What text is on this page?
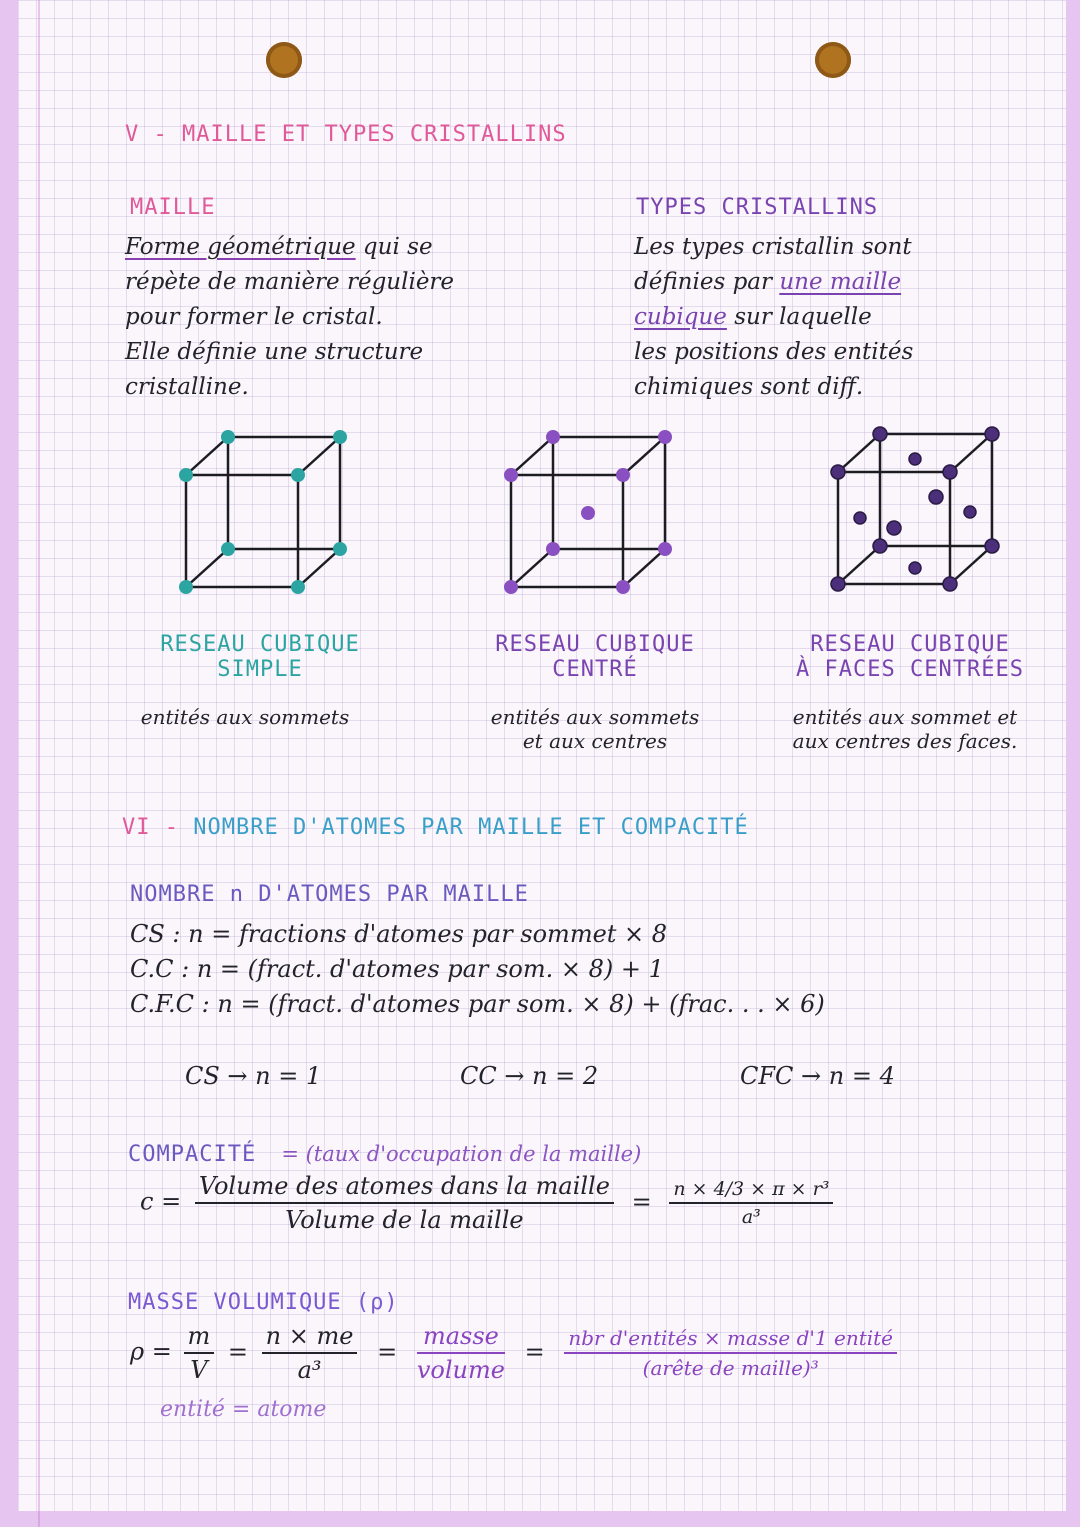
V - MAILLE ET TYPES CRISTALLINS
MAILLE
Forme géométrique qui se
répète de manière régulière
pour former le cristal.
Elle définie une structure
cristalline.
TYPES CRISTALLINS
Les types cristallin sont
définies par une maille
cubique sur laquelle
les positions des entités
chimiques sont diff.
RESEAU CUBIQUE
SIMPLE
entités aux sommets
RESEAU CUBIQUE
CENTRÉ
entités aux sommets
et aux centres
RESEAU CUBIQUE
À FACES CENTRÉES
entités aux sommet et
aux centres des faces.
VI - NOMBRE D'ATOMES PAR MAILLE ET COMPACITÉ
NOMBRE n D'ATOMES PAR MAILLE
CS : n = fractions d'atomes par sommet × 8
C.C : n = (fract. d'atomes par som. × 8) + 1
C.F.C : n = (fract. d'atomes par som. × 8) + (frac. . . × 6)
CS → n = 1	CC → n = 2	CFC → n = 4
COMPACITÉ = (taux d'occupation de la maille)
$c = \frac{\text{Volume des atomes dans la maille}}{\text{Volume de la maille}} = \frac{\text{n × 4/3 × π × r³}}{\text{a³}}$
MASSE VOLUMIQUE (ρ)
$\rho = \frac{m}{V} = \frac{n \times me}{\text{a³}} = \frac{\text{masse}}{\text{volume}} = \frac{\text{nbr d'entités × masse d'1 entité}}{\text{(arête de maille)³}}$
entité = atome
